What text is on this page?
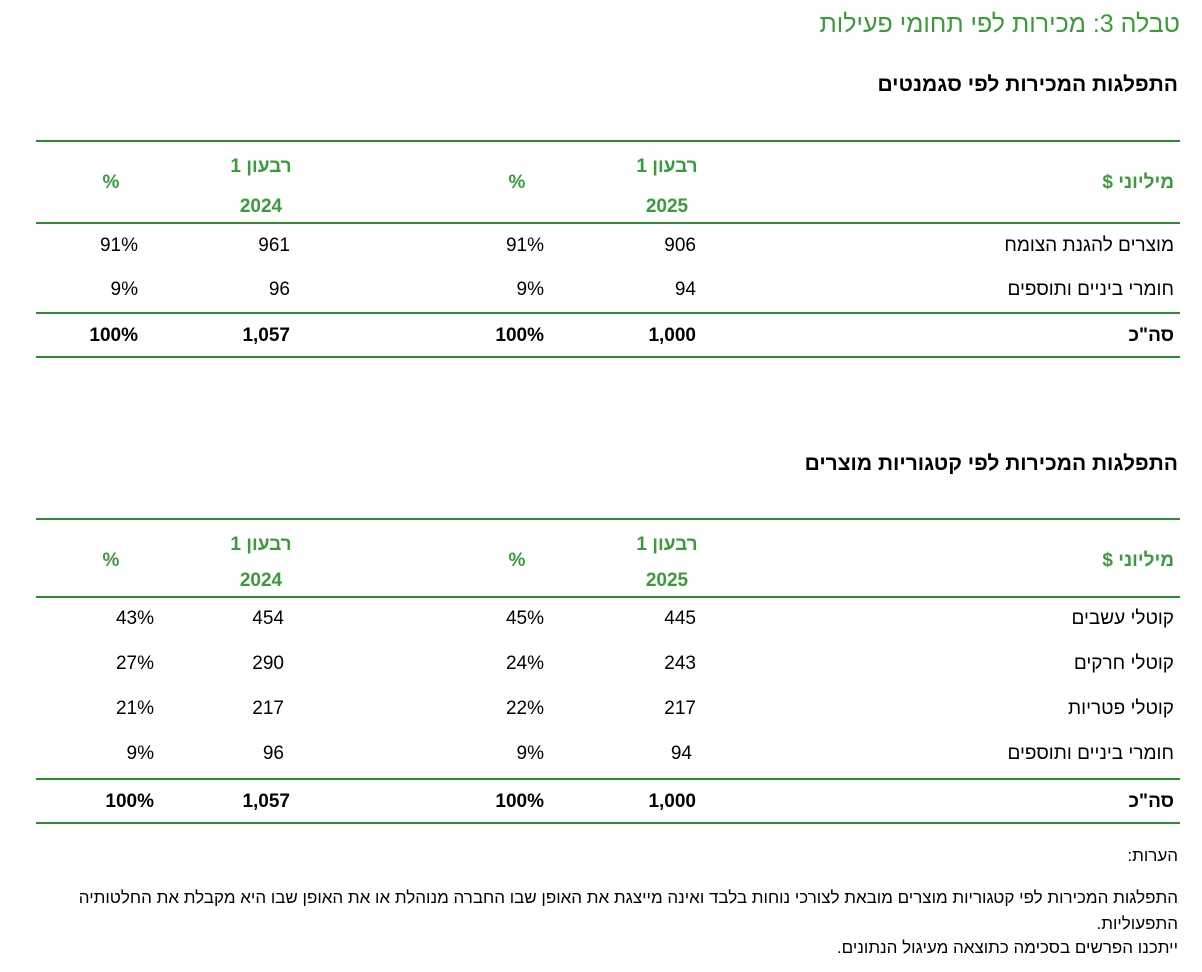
טבלה 3: מכירות לפי תחומי פעילות
התפלגות המכירות לפי סגמנטים
מיליוני $
רבעון 1
2025
%
רבעון 1
2024
%
מוצרים להגנת הצומח
906
91%
961
91%
חומרי ביניים ותוספים
94
9%
96
9%
סה"כ
1,000
100%
1,057
100%
התפלגות המכירות לפי קטגוריות מוצרים
מיליוני $
רבעון 1
2025
%
רבעון 1
2024
%
קוטלי עשבים
445
45%
454
43%
קוטלי חרקים
243
24%
290
27%
קוטלי פטריות
217
22%
217
21%
חומרי ביניים ותוספים
94
9%
96
9%
סה"כ
1,000
100%
1,057
100%
הערות:
התפלגות המכירות לפי קטגוריות מוצרים מובאת לצורכי נוחות בלבד ואינה מייצגת את האופן שבו החברה מנוהלת או את האופן שבו היא מקבלת את החלטותיה התפעוליות.
ייתכנו הפרשים בסכימה כתוצאה מעיגול הנתונים.
